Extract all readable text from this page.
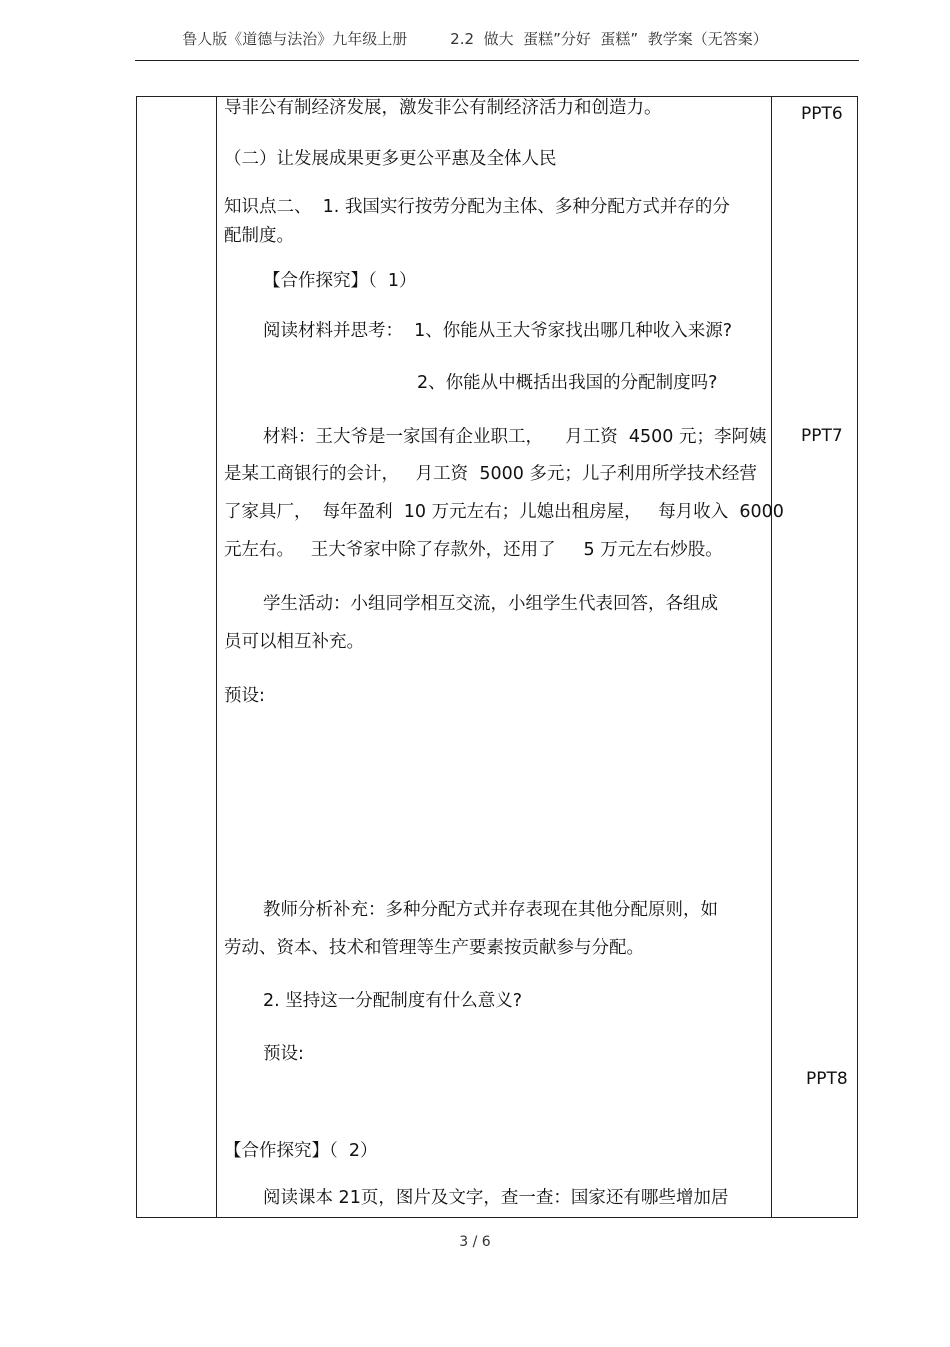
鲁人版《道德与法治》九年级上册         2.2  做大  蛋糕”分好  蛋糕”  教学案（无答案）
导非公有制经济发展，激发非公有制经济活力和创造力。
（二）让发展成果更多更公平惠及全体人民
知识点二、  1. 我国实行按劳分配为主体、多种分配方式并存的分
配制度。
【合作探究】（  1）
阅读材料并思考：  1、你能从王大爷家找出哪几种收入来源?
2、你能从中概括出我国的分配制度吗?
材料：王大爷是一家国有企业职工，    月工资  4500 元；李阿姨
是某工商银行的会计，   月工资  5000 多元；儿子利用所学技术经营
了家具厂，  每年盈利  10 万元左右；儿媳出租房屋，   每月收入  6000
元左右。   王大爷家中除了存款外，还用了     5 万元左右炒股。
学生活动：小组同学相互交流，小组学生代表回答，各组成
员可以相互补充。
预设:
教师分析补充：多种分配方式并存表现在其他分配原则，如
劳动、资本、技术和管理等生产要素按贡献参与分配。
2. 坚持这一分配制度有什么意义?
预设:
【合作探究】（  2）
阅读课本 21页，图片及文字，查一查：国家还有哪些增加居
PPT6
PPT7
PPT8
3 / 6
